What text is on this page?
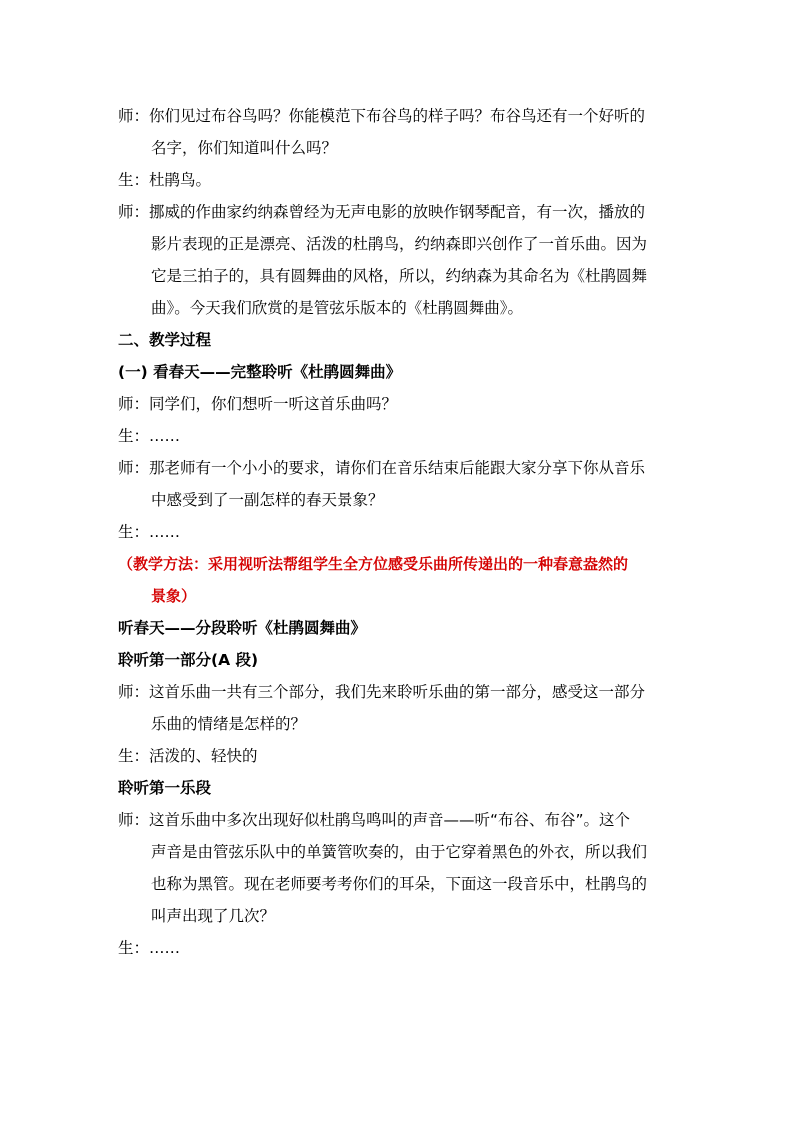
师：你们见过布谷鸟吗？你能模范下布谷鸟的样子吗？布谷鸟还有一个好听的
名字，你们知道叫什么吗？
生：杜鹃鸟。
师：挪威的作曲家约纳森曾经为无声电影的放映作钢琴配音，有一次，播放的
影片表现的正是漂亮、活泼的杜鹃鸟，约纳森即兴创作了一首乐曲。因为
它是三拍子的，具有圆舞曲的风格，所以，约纳森为其命名为《杜鹃圆舞
曲》。今天我们欣赏的是管弦乐版本的《杜鹃圆舞曲》。
二、教学过程
(一) 看春天——完整聆听《杜鹃圆舞曲》
师：同学们，你们想听一听这首乐曲吗？
生：……
师：那老师有一个小小的要求，请你们在音乐结束后能跟大家分享下你从音乐
中感受到了一副怎样的春天景象？
生：……
（教学方法：采用视听法帮组学生全方位感受乐曲所传递出的一种春意盎然的
景象）
听春天——分段聆听《杜鹃圆舞曲》
聆听第一部分(A 段)
师：这首乐曲一共有三个部分，我们先来聆听乐曲的第一部分，感受这一部分
乐曲的情绪是怎样的？
生：活泼的、轻快的
聆听第一乐段
师：这首乐曲中多次出现好似杜鹃鸟鸣叫的声音——听“布谷、布谷”。这个
声音是由管弦乐队中的单簧管吹奏的，由于它穿着黑色的外衣，所以我们
也称为黑管。现在老师要考考你们的耳朵，下面这一段音乐中，杜鹃鸟的
叫声出现了几次？
生：……
